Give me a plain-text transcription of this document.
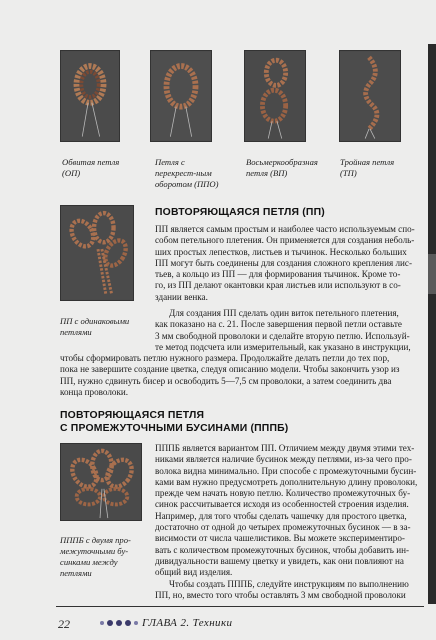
Обвитая петля (ОП)
Петля с перекрест-ным оборотом (ППО)
Восьмеркообразная петля (ВП)
Тройная петля (ТП)
ПП с одинаковыми петлями
ПОВТОРЯЮЩАЯСЯ ПЕТЛЯ (ПП)
ПП является самым простым и наиболее часто используемым спо-
собом петельного плетения. Он применяется для создания неболь-
ших простых лепестков, листьев и тычинок. Несколько больших
ПП могут быть соединены для создания сложного крепления лис-
тьев, а кольцо из ПП — для формирования тычинок. Кроме то-
го, из ПП делают окантовки края листьев или используют в со-
здании венка.
Для создания ПП сделать один виток петельного плетения,
как показано на с. 21. После завершения первой петли оставьте
3 мм свободной проволоки и сделайте вторую петлю. Используй-
те метод подсчета или измерительный, как указано в инструкции,
чтобы сформировать петлю нужного размера. Продолжайте делать петли до тех пор,
пока не завершите создание цветка, следуя описанию модели. Чтобы закончить узор из
ПП, нужно сдвинуть бисер и освободить 5—7,5 см проволоки, а затем соединить два
конца проволоки.
ПОВТОРЯЮЩАЯСЯ ПЕТЛЯ
С ПРОМЕЖУТОЧНЫМИ БУСИНАМИ (ПППБ)
ПППБ с двумя про-межуточными бу-синками между петлями
ПППБ является вариантом ПП. Отличием между двумя этими тех-
никами является наличие бусинок между петлями, из-за чего про-
волока видна минимально. При способе с промежуточными бусин-
ками вам нужно предусмотреть дополнительную длину проволоки,
прежде чем начать новую петлю. Количество промежуточных бу-
синок рассчитывается исходя из особенностей строения изделия.
Например, для того чтобы сделать чашечку для простого цветка,
достаточно от одной до четырех промежуточных бусинок — в за-
висимости от числа чашелистиков. Вы можете экспериментиро-
вать с количеством промежуточных бусинок, чтобы добавить ин-
дивидуальности вашему цветку и увидеть, как они повлияют на
общий вид изделия.
Чтобы создать ПППБ, следуйте инструкциям по выполнению
ПП, но, вместо того чтобы оставлять 3 мм свободной проволоки
22	ГЛАВА 2. Техники
